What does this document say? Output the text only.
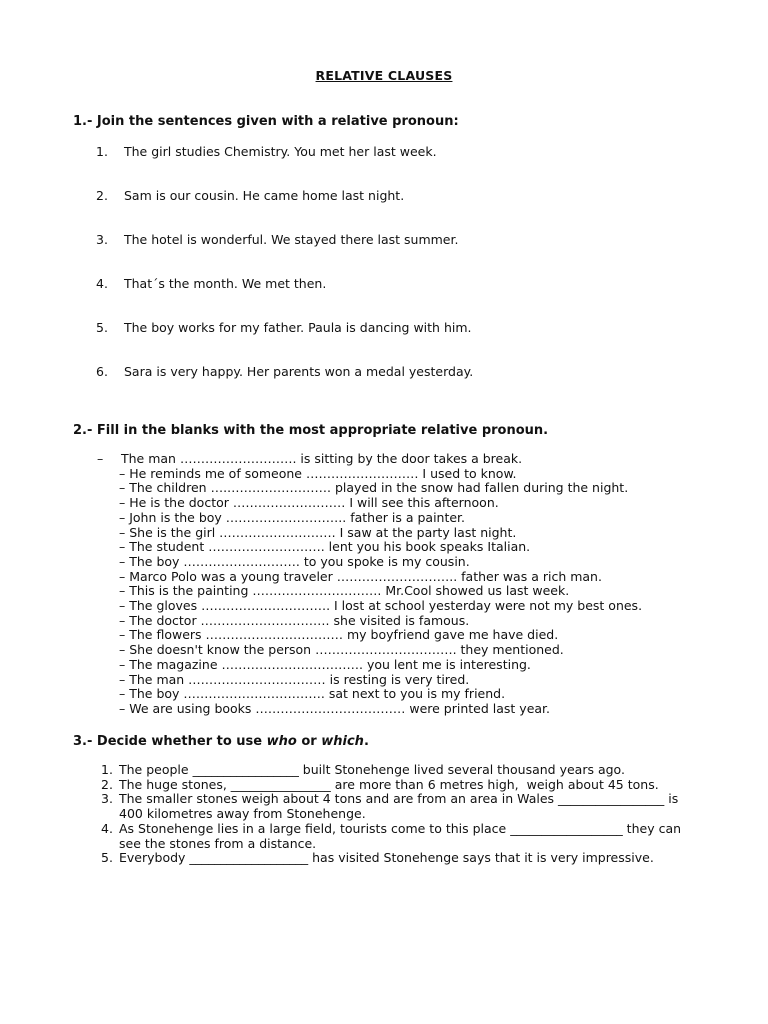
RELATIVE CLAUSES
1.- Join the sentences given with a relative pronoun:
1. The girl studies Chemistry. You met her last week.
2. Sam is our cousin. He came home last night.
3. The hotel is wonderful. We stayed there last summer.
4. That´s the month. We met then.
5. The boy works for my father. Paula is dancing with him.
6. Sara is very happy. Her parents won a medal yesterday.
2.- Fill in the blanks with the most appropriate relative pronoun.
– The man ………………………. is sitting by the door takes a break.
– He reminds me of someone ……………………… I used to know.
– The children ….……………………. played in the snow had fallen during the night.
– He is the doctor ……………………… I will see this afternoon.
– John is the boy ……………………….. father is a painter.
– She is the girl ………………………. I saw at the party last night.
– The student ………………………. lent you his book speaks Italian.
– The boy ………………………. to you spoke is my cousin.
– Marco Polo was a young traveler ……………………….. father was a rich man.
– This is the painting …………………………. Mr.Cool showed us last week.
– The gloves …………………………. I lost at school yesterday were not my best ones.
– The doctor …………………………. she visited is famous.
– The flowers …………………………… my boyfriend gave me have died.
– She doesn't know the person ……………………………. they mentioned.
– The magazine ……………………………. you lent me is interesting.
– The man …………………………… is resting is very tired.
– The boy ……………………………. sat next to you is my friend.
– We are using books ……………………………… were printed last year.
3.- Decide whether to use who or which.
1. The people _________________ built Stonehenge lived several thousand years ago.
2. The huge stones, ________________ are more than 6 metres high,  weigh about 45 tons.
3. The smaller stones weigh about 4 tons and are from an area in Wales _________________ is 400 kilometres away from Stonehenge.
4. As Stonehenge lies in a large field, tourists come to this place __________________ they can see the stones from a distance.
5. Everybody ___________________ has visited Stonehenge says that it is very impressive.
